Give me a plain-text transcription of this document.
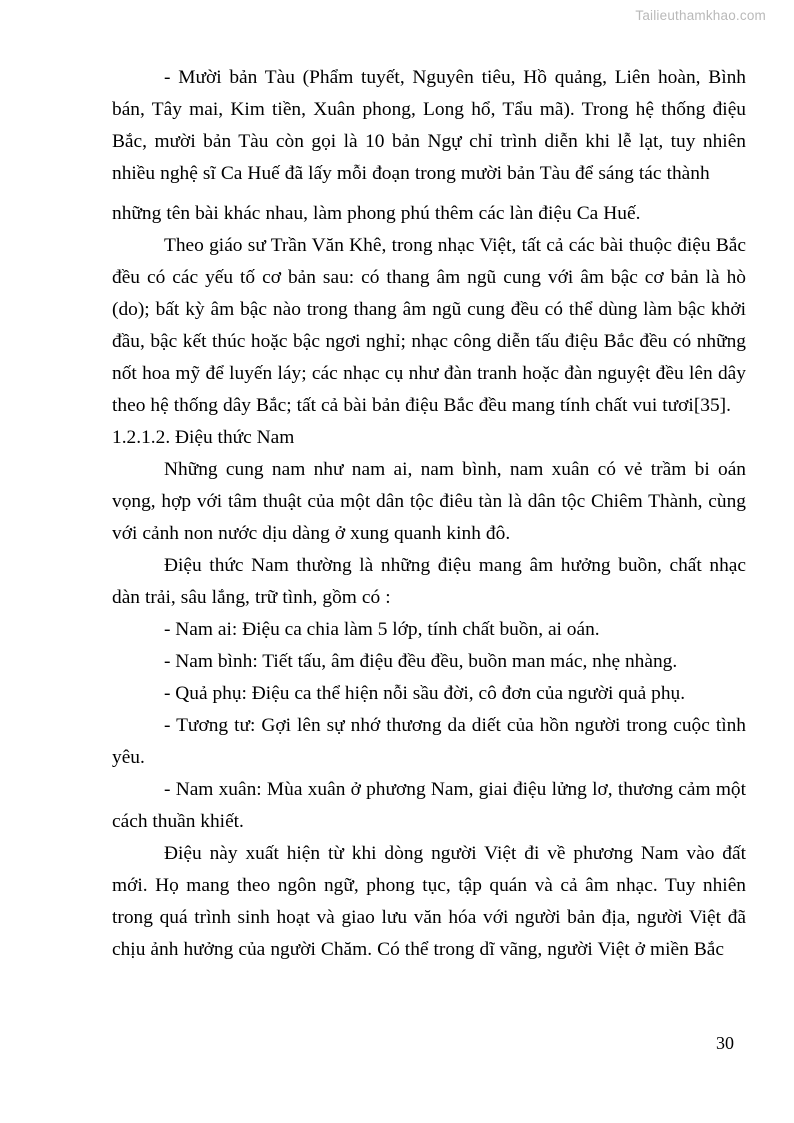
Tailieuthamkhao.com

- Mười bản Tàu (Phẩm tuyết, Nguyên tiêu, Hồ quảng, Liên hoàn, Bình bán, Tây mai, Kim tiền, Xuân phong, Long hổ, Tẩu mã). Trong hệ thống điệu Bắc, mười bản Tàu còn gọi là 10 bản Ngự chỉ trình diễn khi lễ lạt, tuy nhiên nhiều nghệ sĩ Ca Huế đã lấy mỗi đoạn trong mười bản Tàu để sáng tác thành

những tên bài khác nhau, làm phong phú thêm các làn điệu Ca Huế.

Theo giáo sư Trần Văn Khê, trong nhạc Việt, tất cả các bài thuộc điệu Bắc đều có các yếu tố cơ bản sau: có thang âm ngũ cung với âm bậc cơ bản là hò (do); bất kỳ âm bậc nào trong thang âm ngũ cung đều có thể dùng làm bậc khởi đầu, bậc kết thúc hoặc bậc ngơi nghỉ; nhạc công diễn tấu điệu Bắc đều có những nốt hoa mỹ để luyến láy; các nhạc cụ như đàn tranh hoặc đàn nguyệt đều lên dây theo hệ thống dây Bắc; tất cả bài bản điệu Bắc đều mang tính chất vui tươi[35].

1.2.1.2. Điệu thức Nam

Những cung nam như nam ai, nam bình, nam xuân có vẻ trầm bi oán vọng, hợp với tâm thuật của một dân tộc điêu tàn là dân tộc Chiêm Thành, cùng với cảnh non nước dịu dàng ở xung quanh kinh đô.

Điệu thức Nam thường là những điệu mang âm hưởng buồn, chất nhạc dàn trải, sâu lắng, trữ tình, gồm có :

- Nam ai: Điệu ca chia làm 5 lớp, tính chất buồn, ai oán.

- Nam bình: Tiết tấu, âm điệu đều đều, buồn man mác, nhẹ nhàng.

- Quả phụ: Điệu ca thể hiện nỗi sầu đời, cô đơn của người quả phụ.

- Tương tư: Gợi lên sự nhớ thương da diết của hồn người trong cuộc tình yêu.

- Nam xuân: Mùa xuân ở phương Nam, giai điệu lửng lơ, thương cảm một cách thuần khiết.

Điệu này xuất hiện từ khi dòng người Việt đi về phương Nam vào đất mới. Họ mang theo ngôn ngữ, phong tục, tập quán và cả âm nhạc. Tuy nhiên trong quá trình sinh hoạt và giao lưu văn hóa với người bản địa, người Việt đã chịu ảnh hưởng của người Chăm. Có thể trong dĩ vãng, người Việt ở miền Bắc

30
